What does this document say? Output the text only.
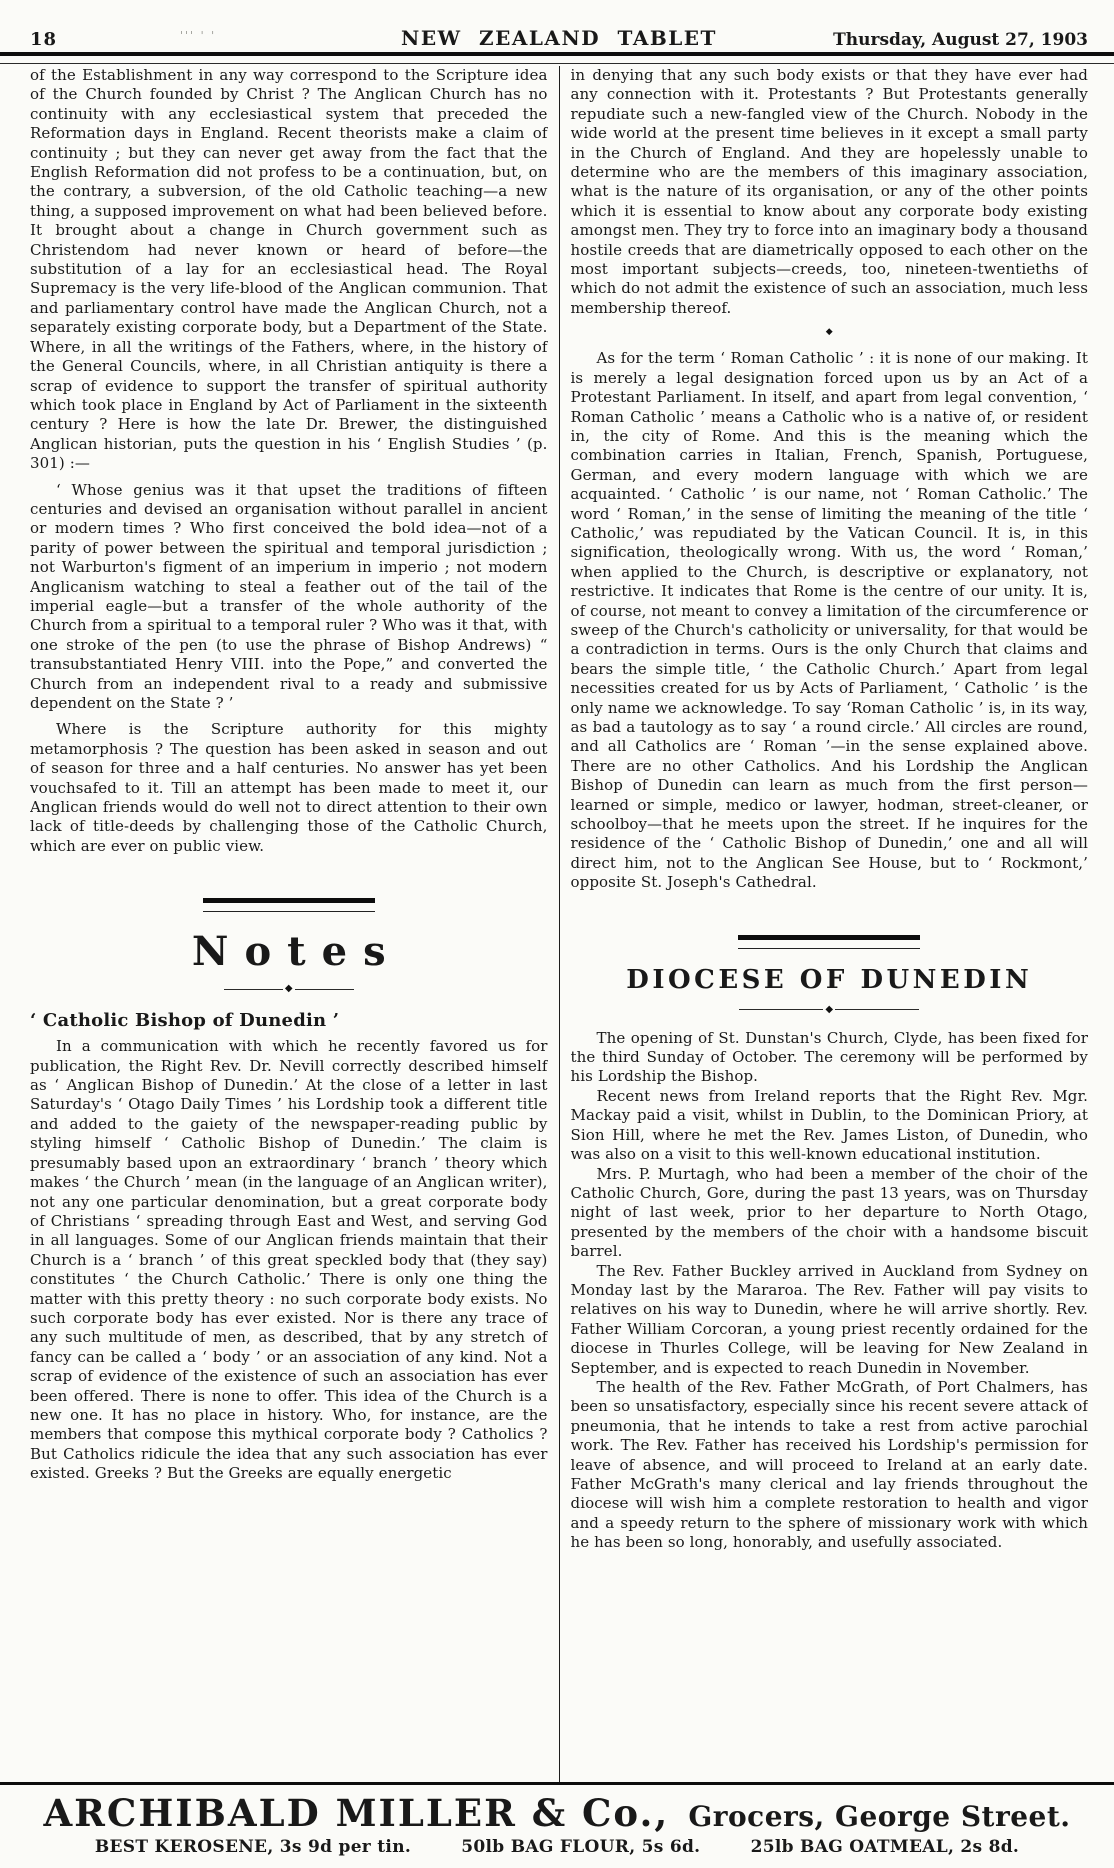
18	''' ' '	NEW ZEALAND TABLET	Thursday, August 27, 1903

of the Establishment in any way correspond to the Scripture idea of the Church founded by Christ ? The Anglican Church has no continuity with any ecclesiastical system that preceded the Reformation days in England. Recent theorists make a claim of continuity ; but they can never get away from the fact that the English Reformation did not profess to be a continuation, but, on the contrary, a subversion, of the old Catholic teaching—a new thing, a supposed improvement on what had been believed before. It brought about a change in Church government such as Christendom had never known or heard of before—the substitution of a lay for an ecclesiastical head. The Royal Supremacy is the very life-blood of the Anglican communion. That and parliamentary control have made the Anglican Church, not a separately existing corporate body, but a Department of the State. Where, in all the writings of the Fathers, where, in the history of the General Councils, where, in all Christian antiquity is there a scrap of evidence to support the transfer of spiritual authority which took place in England by Act of Parliament in the sixteenth century ? Here is how the late Dr. Brewer, the distinguished Anglican historian, puts the question in his ‘ English Studies ’ (p. 301) :—

‘ Whose genius was it that upset the traditions of fifteen centuries and devised an organisation without parallel in ancient or modern times ? Who first conceived the bold idea—not of a parity of power between the spiritual and temporal jurisdiction ; not Warburton's figment of an imperium in imperio ; not modern Anglicanism watching to steal a feather out of the tail of the imperial eagle—but a transfer of the whole authority of the Church from a spiritual to a temporal ruler ? Who was it that, with one stroke of the pen (to use the phrase of Bishop Andrews) “ transubstantiated Henry VIII. into the Pope,” and converted the Church from an independent rival to a ready and submissive dependent on the State ? ’

Where is the Scripture authority for this mighty metamorphosis ? The question has been asked in season and out of season for three and a half centuries. No answer has yet been vouchsafed to it. Till an attempt has been made to meet it, our Anglican friends would do well not to direct attention to their own lack of title-deeds by challenging those of the Catholic Church, which are ever on public view.

Notes
◆
‘ Catholic Bishop of Dunedin ’

In a communication with which he recently favored us for publication, the Right Rev. Dr. Nevill correctly described himself as ‘ Anglican Bishop of Dunedin.’ At the close of a letter in last Saturday's ‘ Otago Daily Times ’ his Lordship took a different title and added to the gaiety of the newspaper-reading public by styling himself ‘ Catholic Bishop of Dunedin.’ The claim is presumably based upon an extraordinary ‘ branch ’ theory which makes ‘ the Church ’ mean (in the language of an Anglican writer), not any one particular denomination, but a great corporate body of Christians ‘ spreading through East and West, and serving God in all languages. Some of our Anglican friends maintain that their Church is a ‘ branch ’ of this great speckled body that (they say) constitutes ‘ the Church Catholic.’ There is only one thing the matter with this pretty theory : no such corporate body exists. No such corporate body has ever existed. Nor is there any trace of any such multitude of men, as described, that by any stretch of fancy can be called a ‘ body ’ or an association of any kind. Not a scrap of evidence of the existence of such an association has ever been offered. There is none to offer. This idea of the Church is a new one. It has no place in history. Who, for instance, are the members that compose this mythical corporate body ? Catholics ? But Catholics ridicule the idea that any such association has ever existed. Greeks ? But the Greeks are equally energetic

in denying that any such body exists or that they have ever had any connection with it. Protestants ? But Protestants generally repudiate such a new-fangled view of the Church. Nobody in the wide world at the present time believes in it except a small party in the Church of England. And they are hopelessly unable to determine who are the members of this imaginary association, what is the nature of its organisation, or any of the other points which it is essential to know about any corporate body existing amongst men. They try to force into an imaginary body a thousand hostile creeds that are diametrically opposed to each other on the most important subjects—creeds, too, nineteen-twentieths of which do not admit the existence of such an association, much less membership thereof.

◆

As for the term ‘ Roman Catholic ’ : it is none of our making. It is merely a legal designation forced upon us by an Act of a Protestant Parliament. In itself, and apart from legal convention, ‘ Roman Catholic ’ means a Catholic who is a native of, or resident in, the city of Rome. And this is the meaning which the combination carries in Italian, French, Spanish, Portuguese, German, and every modern language with which we are acquainted. ‘ Catholic ’ is our name, not ‘ Roman Catholic.’ The word ‘ Roman,’ in the sense of limiting the meaning of the title ‘ Catholic,’ was repudiated by the Vatican Council. It is, in this signification, theologically wrong. With us, the word ‘ Roman,’ when applied to the Church, is descriptive or explanatory, not restrictive. It indicates that Rome is the centre of our unity. It is, of course, not meant to convey a limitation of the circumference or sweep of the Church's catholicity or universality, for that would be a contradiction in terms. Ours is the only Church that claims and bears the simple title, ‘ the Catholic Church.’ Apart from legal necessities created for us by Acts of Parliament, ‘ Catholic ’ is the only name we acknowledge. To say ‘Roman Catholic ’ is, in its way, as bad a tautology as to say ‘ a round circle.’ All circles are round, and all Catholics are ‘ Roman ’—in the sense explained above. There are no other Catholics. And his Lordship the Anglican Bishop of Dunedin can learn as much from the first person—learned or simple, medico or lawyer, hodman, street-cleaner, or schoolboy—that he meets upon the street. If he inquires for the residence of the ‘ Catholic Bishop of Dunedin,’ one and all will direct him, not to the Anglican See House, but to ‘ Rockmont,’ opposite St. Joseph's Cathedral.

DIOCESE OF DUNEDIN
◆

The opening of St. Dunstan's Church, Clyde, has been fixed for the third Sunday of October. The ceremony will be performed by his Lordship the Bishop.

Recent news from Ireland reports that the Right Rev. Mgr. Mackay paid a visit, whilst in Dublin, to the Dominican Priory, at Sion Hill, where he met the Rev. James Liston, of Dunedin, who was also on a visit to this well-known educational institution.

Mrs. P. Murtagh, who had been a member of the choir of the Catholic Church, Gore, during the past 13 years, was on Thursday night of last week, prior to her departure to North Otago, presented by the members of the choir with a handsome biscuit barrel.

The Rev. Father Buckley arrived in Auckland from Sydney on Monday last by the Mararoa. The Rev. Father will pay visits to relatives on his way to Dunedin, where he will arrive shortly. Rev. Father William Corcoran, a young priest recently ordained for the diocese in Thurles College, will be leaving for New Zealand in September, and is expected to reach Dunedin in November.

The health of the Rev. Father McGrath, of Port Chalmers, has been so unsatisfactory, especially since his recent severe attack of pneumonia, that he intends to take a rest from active parochial work. The Rev. Father has received his Lordship's permission for leave of absence, and will proceed to Ireland at an early date. Father McGrath's many clerical and lay friends throughout the diocese will wish him a complete restoration to health and vigor and a speedy return to the sphere of missionary work with which he has been so long, honorably, and usefully associated.

ARCHIBALD MILLER & Co., Grocers, George Street.
BEST KEROSENE, 3s 9d per tin.	50lb BAG FLOUR, 5s 6d.	25lb BAG OATMEAL, 2s 8d.
